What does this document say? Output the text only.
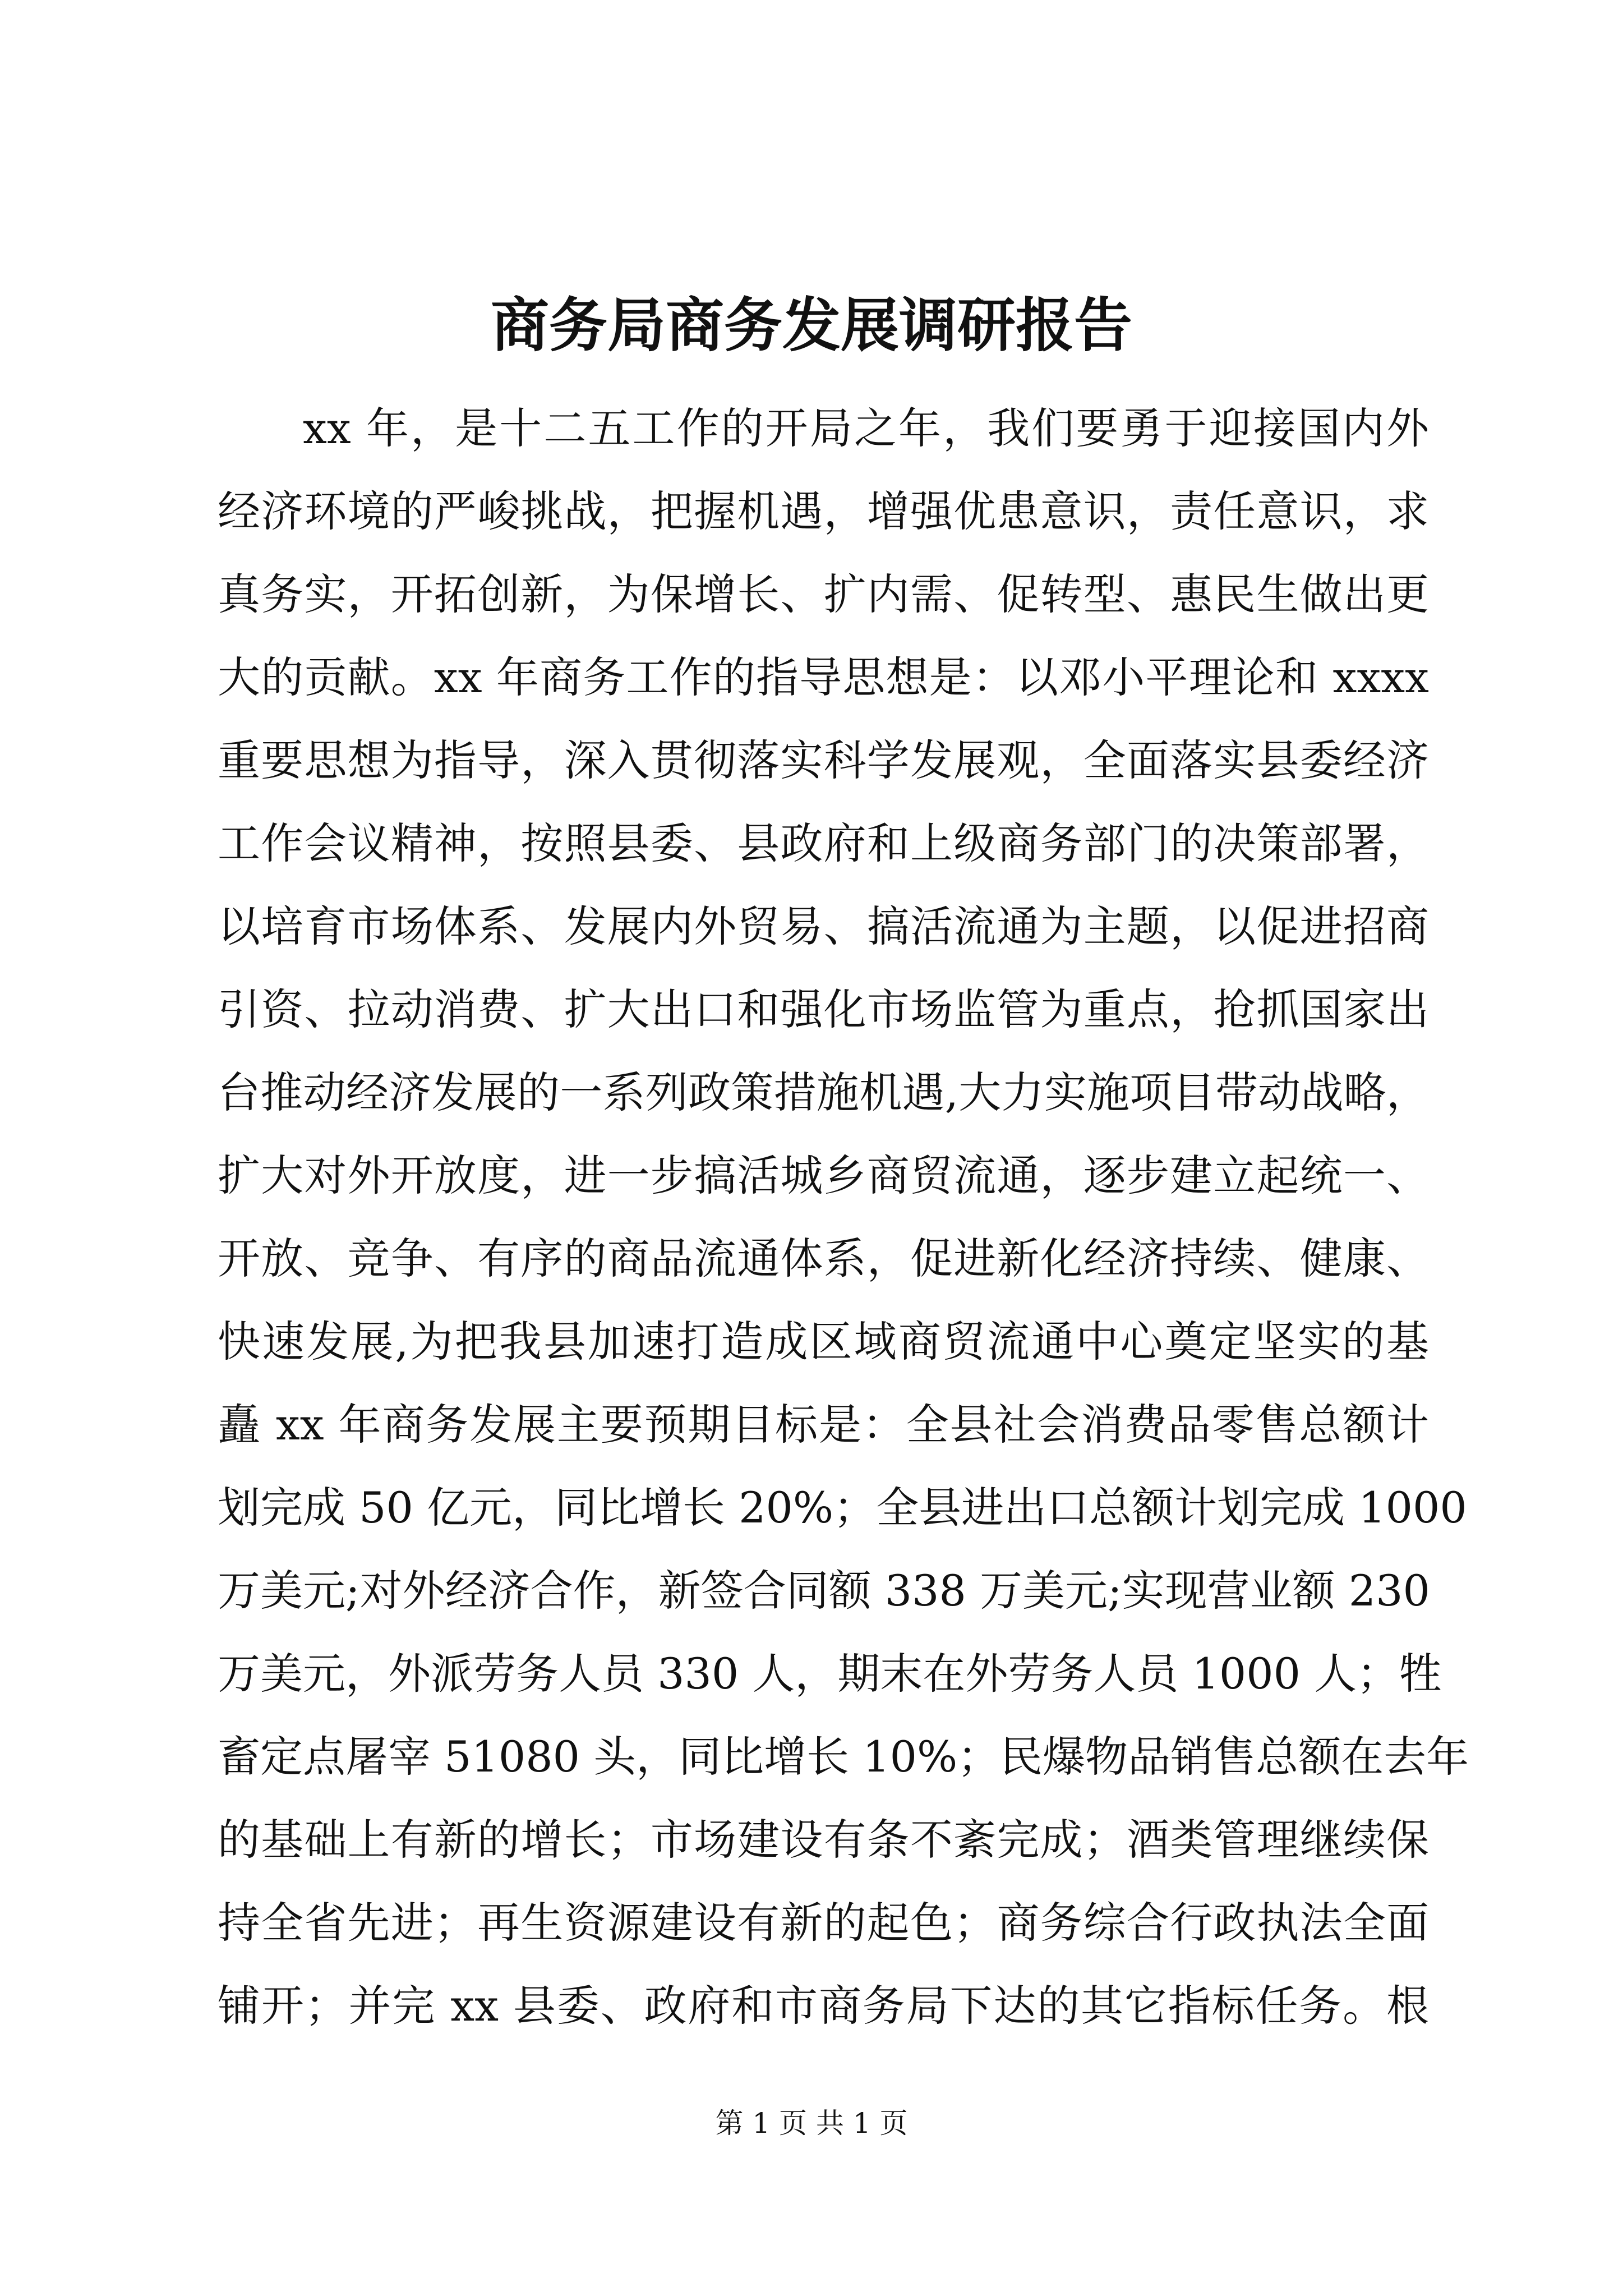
商务局商务发展调研报告
xx 年，是十二五工作的开局之年，我们要勇于迎接国内外
经济环境的严峻挑战，把握机遇，增强优患意识，责任意识，求
真务实，开拓创新，为保增长、扩内需、促转型、惠民生做出更
大的贡献。xx 年商务工作的指导思想是：以邓小平理论和 xxxx
重要思想为指导，深入贯彻落实科学发展观，全面落实县委经济
工作会议精神，按照县委、县政府和上级商务部门的决策部署，
以培育市场体系、发展内外贸易、搞活流通为主题，以促进招商
引资、拉动消费、扩大出口和强化市场监管为重点，抢抓国家出
台推动经济发展的一系列政策措施机遇,大力实施项目带动战略，
扩大对外开放度，进一步搞活城乡商贸流通，逐步建立起统一、
开放、竞争、有序的商品流通体系，促进新化经济持续、健康、
快速发展,为把我县加速打造成区域商贸流通中心奠定坚实的基
矗 xx 年商务发展主要预期目标是：全县社会消费品零售总额计
划完成 50 亿元，同比增长 20%；全县进出口总额计划完成 1000
万美元;对外经济合作，新签合同额 338 万美元;实现营业额 230
万美元，外派劳务人员 330 人，期末在外劳务人员 1000 人；牲
畜定点屠宰 51080 头，同比增长 10%；民爆物品销售总额在去年
的基础上有新的增长；市场建设有条不紊完成；酒类管理继续保
持全省先进；再生资源建设有新的起色；商务综合行政执法全面
铺开；并完 xx 县委、政府和市商务局下达的其它指标任务。根
第 1 页 共 1 页
